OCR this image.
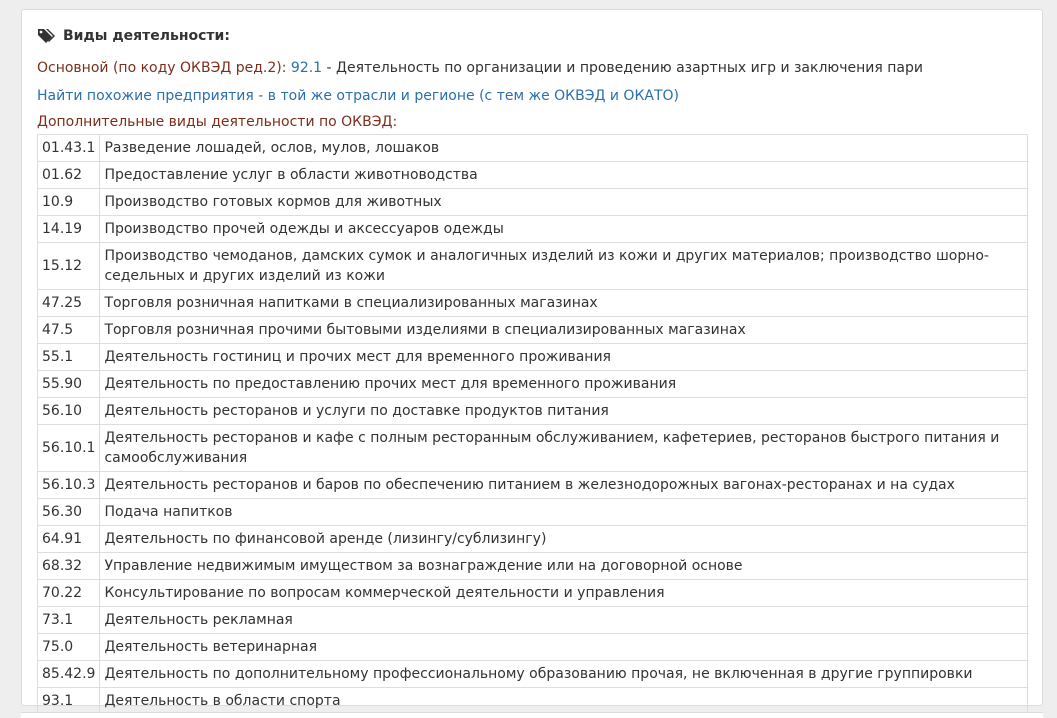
Виды деятельности:
Основной (по коду ОКВЭД ред.2): 92.1 - Деятельность по организации и проведению азартных игр и заключения пари
Найти похожие предприятия - в той же отрасли и регионе (с тем же ОКВЭД и ОКАТО)
Дополнительные виды деятельности по ОКВЭД:
01.43.1	Разведение лошадей, ослов, мулов, лошаков
01.62	Предоставление услуг в области животноводства
10.9	Производство готовых кормов для животных
14.19	Производство прочей одежды и аксессуаров одежды
15.12	Производство чемоданов, дамских сумок и аналогичных изделий из кожи и других материалов; производство шорно-седельных и других изделий из кожи
47.25	Торговля розничная напитками в специализированных магазинах
47.5	Торговля розничная прочими бытовыми изделиями в специализированных магазинах
55.1	Деятельность гостиниц и прочих мест для временного проживания
55.90	Деятельность по предоставлению прочих мест для временного проживания
56.10	Деятельность ресторанов и услуги по доставке продуктов питания
56.10.1	Деятельность ресторанов и кафе с полным ресторанным обслуживанием, кафетериев, ресторанов быстрого питания и самообслуживания
56.10.3	Деятельность ресторанов и баров по обеспечению питанием в железнодорожных вагонах-ресторанах и на судах
56.30	Подача напитков
64.91	Деятельность по финансовой аренде (лизингу/сублизингу)
68.32	Управление недвижимым имуществом за вознаграждение или на договорной основе
70.22	Консультирование по вопросам коммерческой деятельности и управления
73.1	Деятельность рекламная
75.0	Деятельность ветеринарная
85.42.9	Деятельность по дополнительному профессиональному образованию прочая, не включенная в другие группировки
93.1	Деятельность в области спорта
